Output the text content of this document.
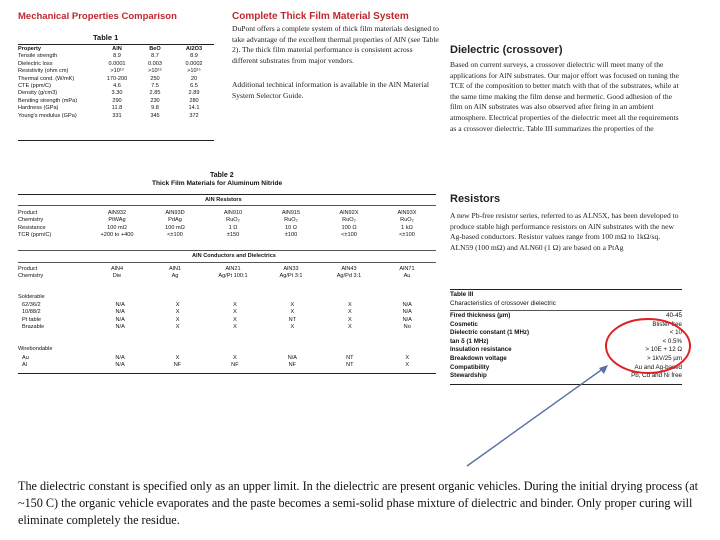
Mechanical Properties Comparison
Table 1
Property	AlN	BeO	Al2O3
Tensile strength	8.9	8.7	8.9
Dielectric loss	0.0001	0.003	0.0002
Resistivity (ohm cm)	>10¹³	>10¹⁵	>10¹⁵
Thermal cond. (W/mK)	170-200	250	20
CTE (ppm/C)	4.6	7.5	6.5
Density (g/cm3)	3.30	2.85	2.89
Bending strength (mPa)	290	230	280
Hardness (GPa)	11.8	9.8	14.1
Young's modulus (GPa)	331	345	372
Table 2
Thick Film Materials for Aluminum Nitride
AlN Resistors
Product	AlN932	AlN93D	AlN910	AlN915	AlN92X	AlN93X
Chemistry	PtWAg	PdAg	RuO₂	RuO₂	RuO₂	RuO₂
Resistance	100 mΩ	100 mΩ	1 Ω	10 Ω	100 Ω	1 kΩ
TCR (ppm/C)	+200 to +400	<±100	±150	±100	<±100	<±100
AlN Conductors and Dielectrics
Product	AlN4	AlN1	AlN21	AlN33	AlN43	AlN71
Chemistry	Die	Ag	Ag/Pt 100:1	Ag/Pt 3:1	Ag/Pd 3:1	Au
Solderable
62/36/2	N/A	X	X	X	X	N/A
10/88/2	N/A	X	X	X	X	N/A
Pt table	N/A	X	X	NT	X	N/A
Brazable	N/A	X	X	X	X	No
Wirebondable
Au	N/A	X	X	N/A	NT	X
Al	N/A	NF	NF	NF	NT	X
Complete Thick Film Material System
DuPont offers a complete system of thick film materials designed to take advantage of the excellent thermal properties of AlN (see Table 2). The thick film material performance is consistent across different substrates from major vendors.
Additional technical information is available in the AlN Material System Selector Guide.
Dielectric (crossover)
Based on current surveys, a crossover dielectric will meet many of the applications for AlN substrates. Our major effort was focused on tuning the TCE of the composition to better match with that of the substrates, while at the same time making the film dense and hermetic. Good adhesion of the film on AlN substrates was also observed after firing in an ambient atmosphere. Electrical properties of the dielectric meet all the requirements as a crossover dielectric. Table III summarizes the properties of the
Resistors
A new Pb-free resistor series, referred to as ALN5X, has been developed to produce stable high performance resistors on AlN substrates with the new Ag-based conductors. Resistor values range from 100 mΩ to 1kΩ/sq. ALN59 (100 mΩ) and ALN60 (1 Ω) are based on a PtAg
Table III
Characteristics of crossover dielectric
Fired thickness (µm)	40-45
Cosmetic	Blister free
Dielectric constant (1 MHz)	< 10
tan δ (1 MHz)	< 0.5%
Insulation resistance	> 10E + 12 Ω
Breakdown voltage	> 1kV/25 µm
Compatibility	Au and Ag-based
Stewardship	Pb, Cd and Ni free
The dielectric constant is specified only as an upper limit. In the dielectric are present organic vehicles. During the initial drying process (at ~150 C) the organic vehicle evaporates and the paste becomes a semi-solid phase mixture of dielectric and binder. Only proper curing will eliminate completely the residue.
